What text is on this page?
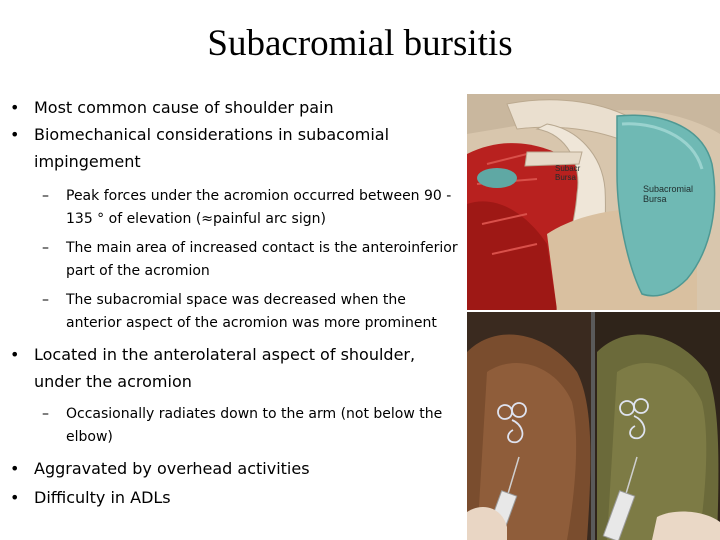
Subacromial bursitis
• Most common cause of shoulder pain
• Biomechanical considerations in subacomial
impingement
– Peak forces under the acromion occurred between 90 - 135 ° of elevation (≈painful arc sign)
– The main area of increased contact is the anteroinferior part of the acromion
– The subacromial space was decreased when the anterior aspect of the acromion was more prominent
• Located in the anterolateral aspect of shoulder,
under the acromion
– Occasionally radiates down to the arm (not below the elbow)
• Aggravated by overhead activities
• Difficulty in ADLs
Subacr
Bursa
Subacromial
Bursa
